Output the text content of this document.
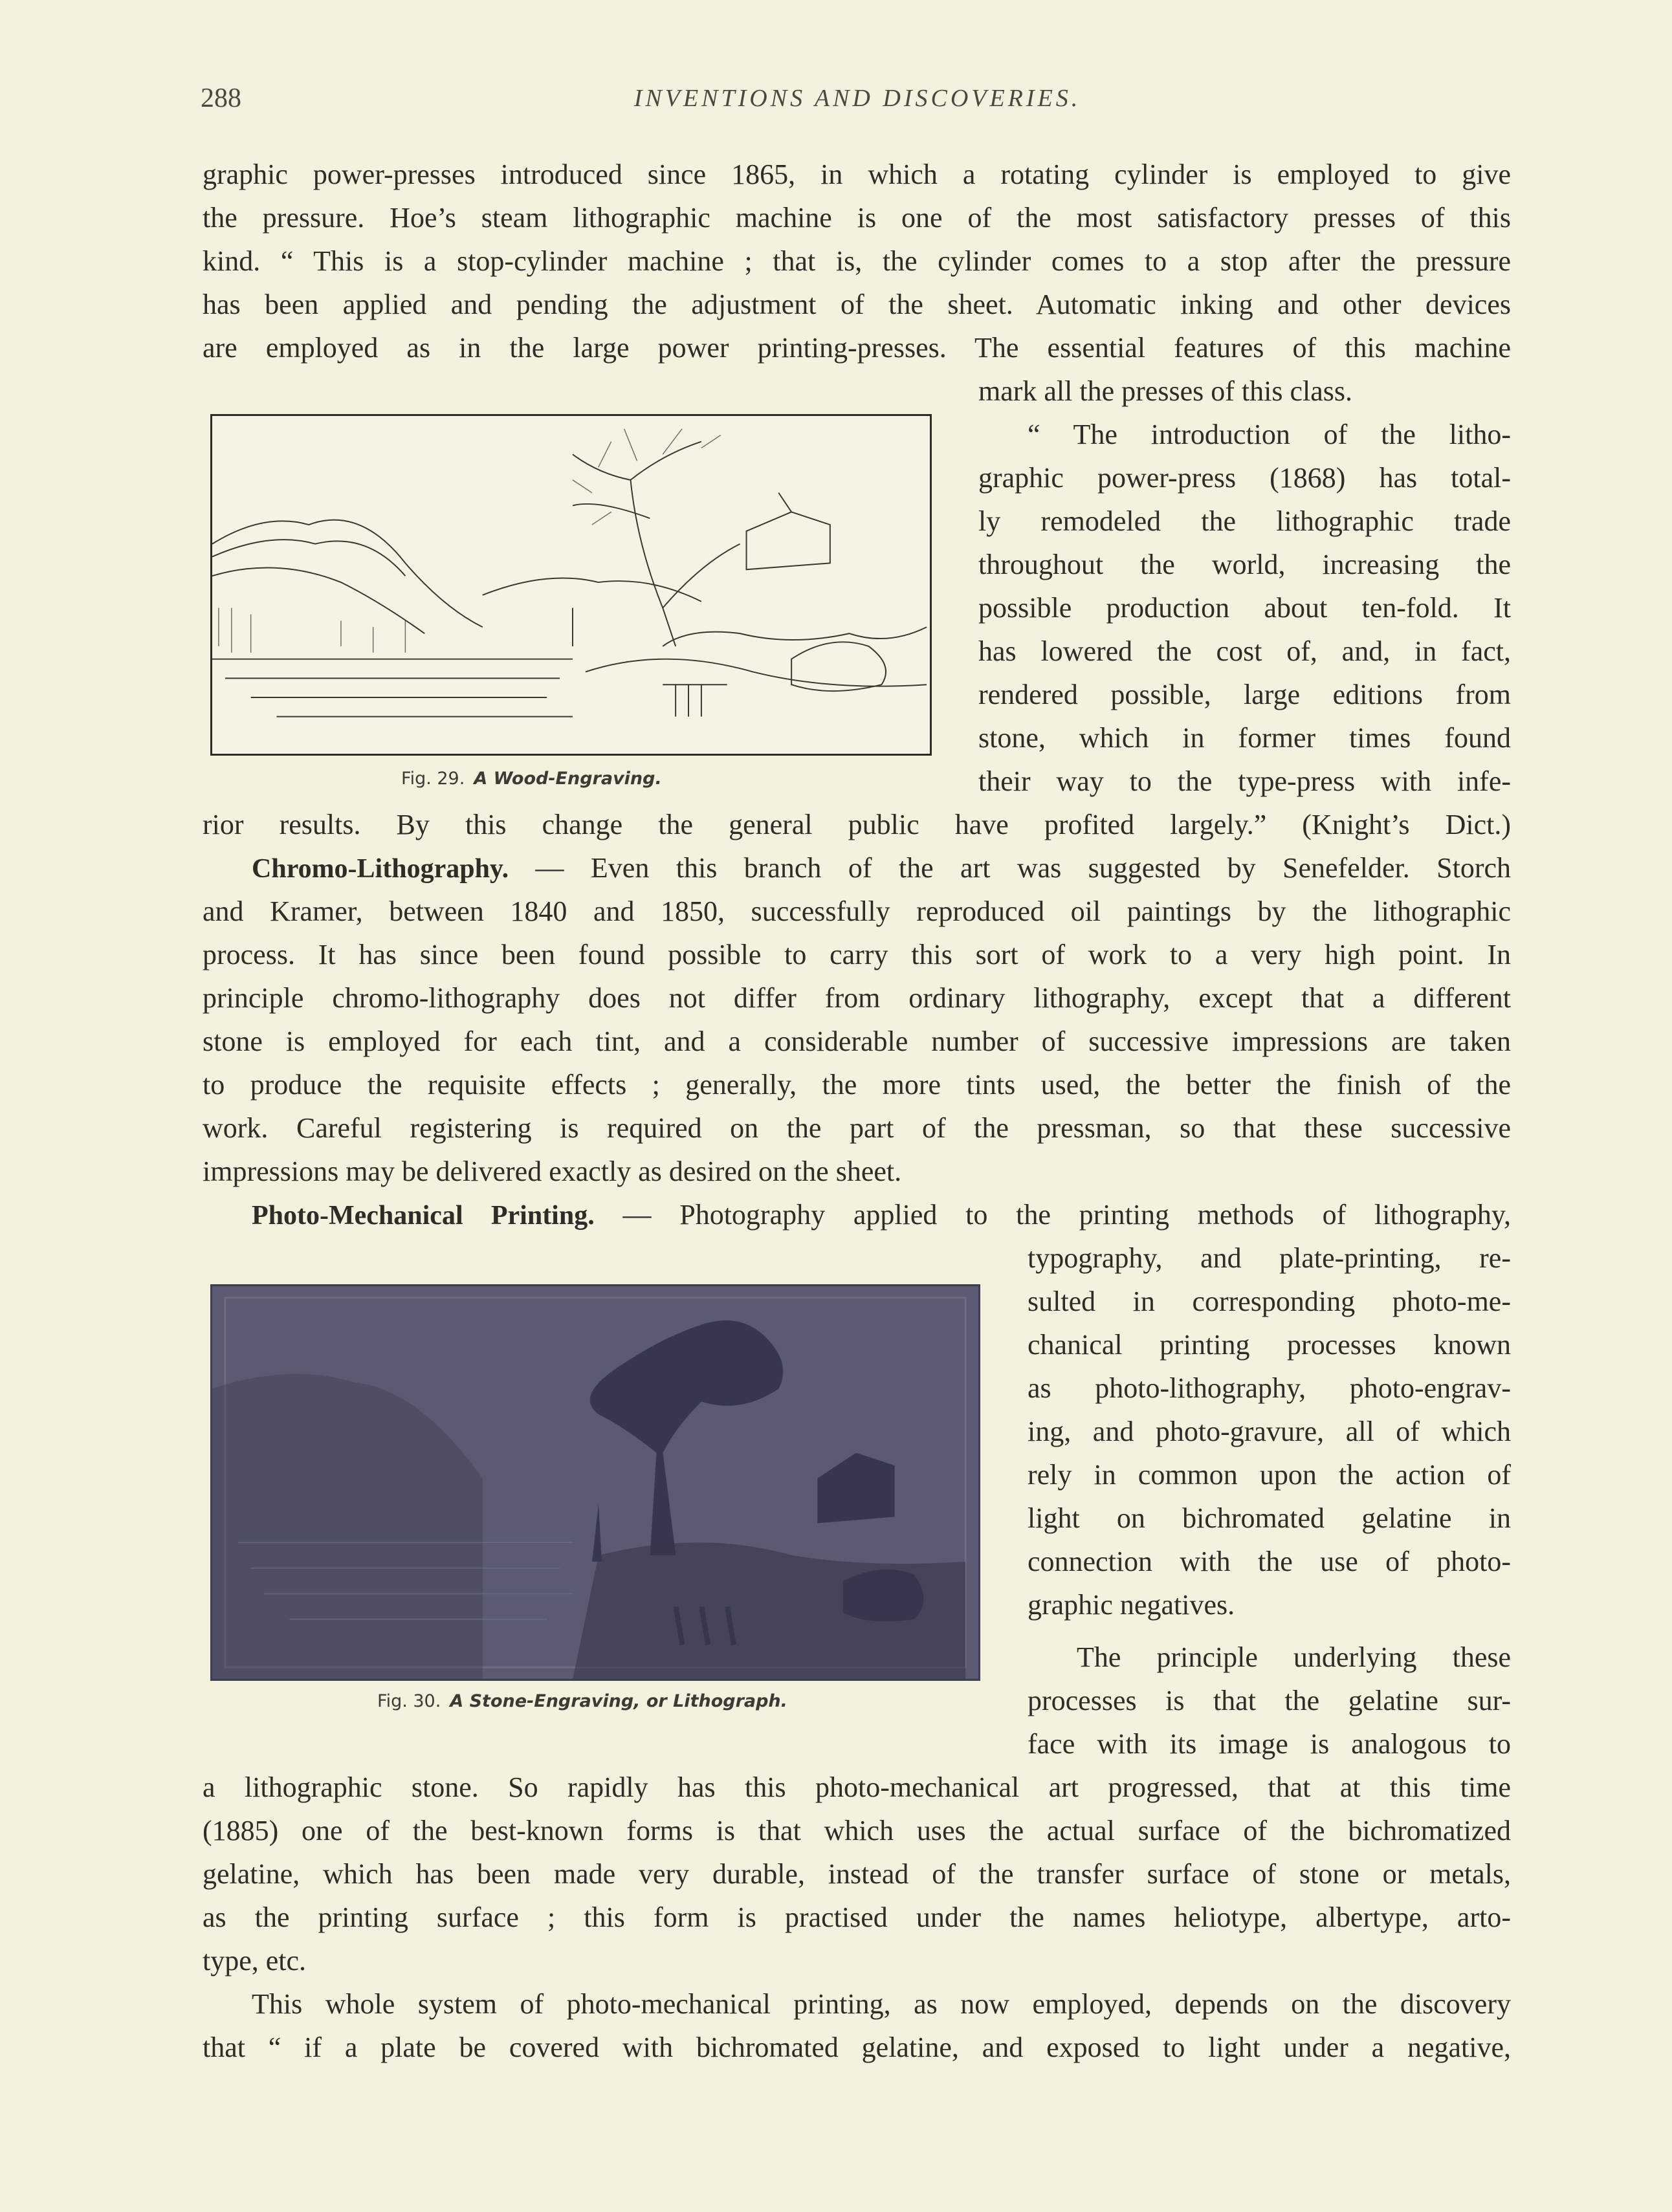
288	INVENTIONS AND DISCOVERIES.
graphic power-presses introduced since 1865, in which a rotating cylinder is employed to give
the pressure. Hoe’s steam lithographic machine is one of the most satisfactory presses of this
kind. “ This is a stop-cylinder machine ; that is, the cylinder comes to a stop after the pressure
has been applied and pending the adjustment of the sheet. Automatic inking and other devices
are employed as in the large power printing-presses. The essential features of this machine
mark all the presses of this class.
Fig. 29. A Wood-Engraving.
“ The introduction of the litho-
graphic power-press (1868) has total-
ly remodeled the lithographic trade
throughout the world, increasing the
possible production about ten-fold. It
has lowered the cost of, and, in fact,
rendered possible, large editions from
stone, which in former times found
their way to the type-press with infe-
rior results. By this change the general public have profited largely.” (Knight’s Dict.)
Chromo-Lithography. — Even this branch of the art was suggested by Senefelder. Storch
and Kramer, between 1840 and 1850, successfully reproduced oil paintings by the lithographic
process. It has since been found possible to carry this sort of work to a very high point. In
principle chromo-lithography does not differ from ordinary lithography, except that a different
stone is employed for each tint, and a considerable number of successive impressions are taken
to produce the requisite effects ; generally, the more tints used, the better the finish of the
work. Careful registering is required on the part of the pressman, so that these successive
impressions may be delivered exactly as desired on the sheet.
Photo-Mechanical Printing. — Photography applied to the printing methods of lithography,
typography, and plate-printing, re-
sulted in corresponding photo-me-
chanical printing processes known
as photo-lithography, photo-engrav-
ing, and photo-gravure, all of which
rely in common upon the action of
light on bichromated gelatine in
connection with the use of photo-
graphic negatives.
Fig. 30. A Stone-Engraving, or Lithograph.
The principle underlying these
processes is that the gelatine sur-
face with its image is analogous to
a lithographic stone. So rapidly has this photo-mechanical art progressed, that at this time
(1885) one of the best-known forms is that which uses the actual surface of the bichromatized
gelatine, which has been made very durable, instead of the transfer surface of stone or metals,
as the printing surface ; this form is practised under the names heliotype, albertype, arto-
type, etc.
This whole system of photo-mechanical printing, as now employed, depends on the discovery
that “ if a plate be covered with bichromated gelatine, and exposed to light under a negative,
